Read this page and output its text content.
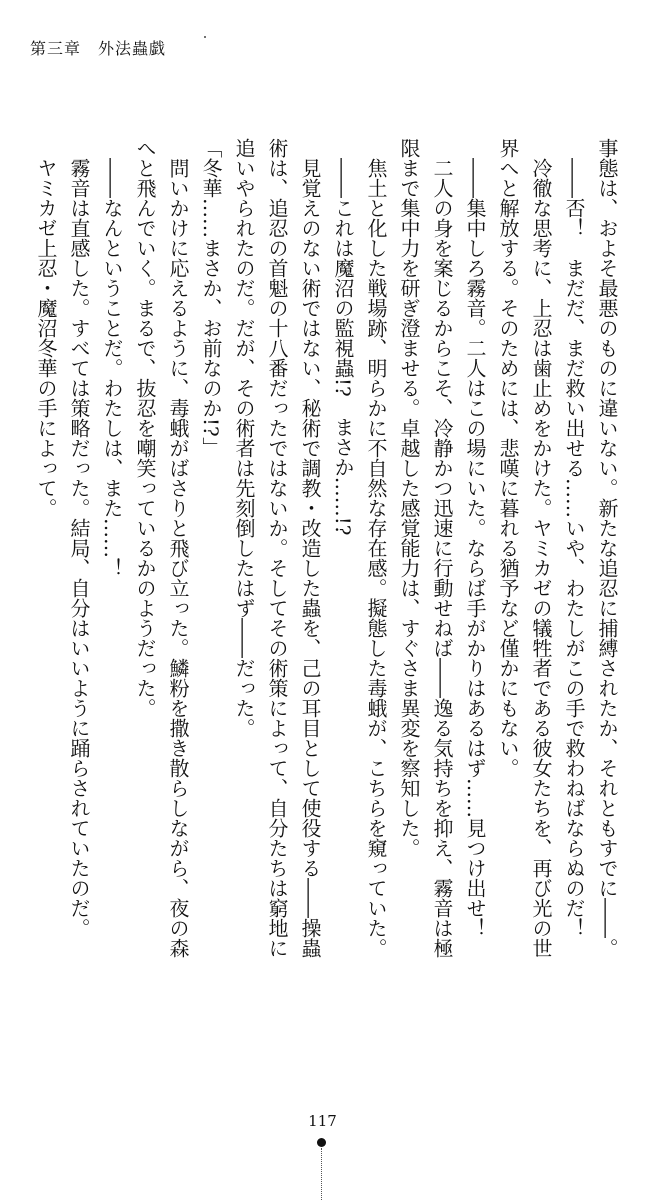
第三章　外法蟲戯

事態は、およそ最悪のものに違いない。新たな追忍に捕縛されたか、それともすでに――。

――否！　まだだ、まだ救い出せる……いや、わたしがこの手で救わねばならぬのだ！

冷徹な思考に、上忍は歯止めをかけた。ヤミカゼの犠牲者である彼女たちを、再び光の世界へと解放する。そのためには、悲嘆に暮れる猶予など僅かにもない。

――集中しろ霧音。二人はこの場にいた。ならば手がかりはあるはず……見つけ出せ！

二人の身を案じるからこそ、冷静かつ迅速に行動せねば――逸る気持ちを抑え、霧音は極限まで集中力を研ぎ澄ませる。卓越した感覚能力は、すぐさま異変を察知した。

焦土と化した戦場跡、明らかに不自然な存在感。擬態した毒蛾が、こちらを窺っていた。

――これは魔沼の監視蟲!?　まさか……!?

見覚えのない術ではない、秘術で調教・改造した蟲を、己の耳目として使役する――操蟲術は、追忍の首魁の十八番だったではないか。そしてその術策によって、自分たちは窮地に追いやられたのだ。だが、その術者は先刻倒したはず――だった。

「冬華……まさか、お前なのか!?」

問いかけに応えるように、毒蛾がばさりと飛び立った。鱗粉を撒き散らしながら、夜の森へと飛んでいく。まるで、抜忍を嘲笑っているかのようだった。

――なんということだ。わたしは、また……！

霧音は直感した。すべては策略だった。結局、自分はいいように踊らされていたのだ。

ヤミカゼ上忍・魔沼冬華の手によって。

117
